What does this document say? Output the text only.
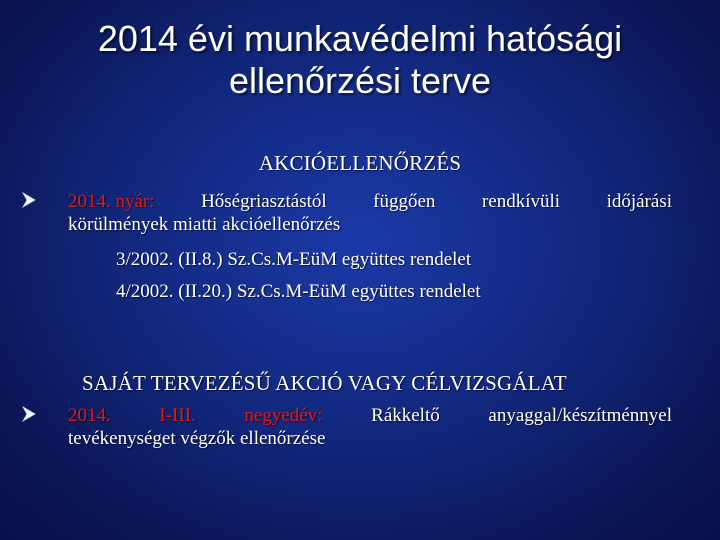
2014 évi munkavédelmi hatósági
ellenőrzési terve
AKCIÓELLENŐRZÉS
2014. nyár: Hőségriasztástól függően rendkívüli időjárási
körülmények miatti akcióellenőrzés
3/2002. (II.8.) Sz.Cs.M-EüM együttes rendelet
4/2002. (II.20.) Sz.Cs.M-EüM együttes rendelet
SAJÁT TERVEZÉSŰ AKCIÓ VAGY CÉLVIZSGÁLAT
2014.	I-III.	negyedév:	Rákkeltő	anyaggal/készítménnyel
tevékenységet végzők ellenőrzése
